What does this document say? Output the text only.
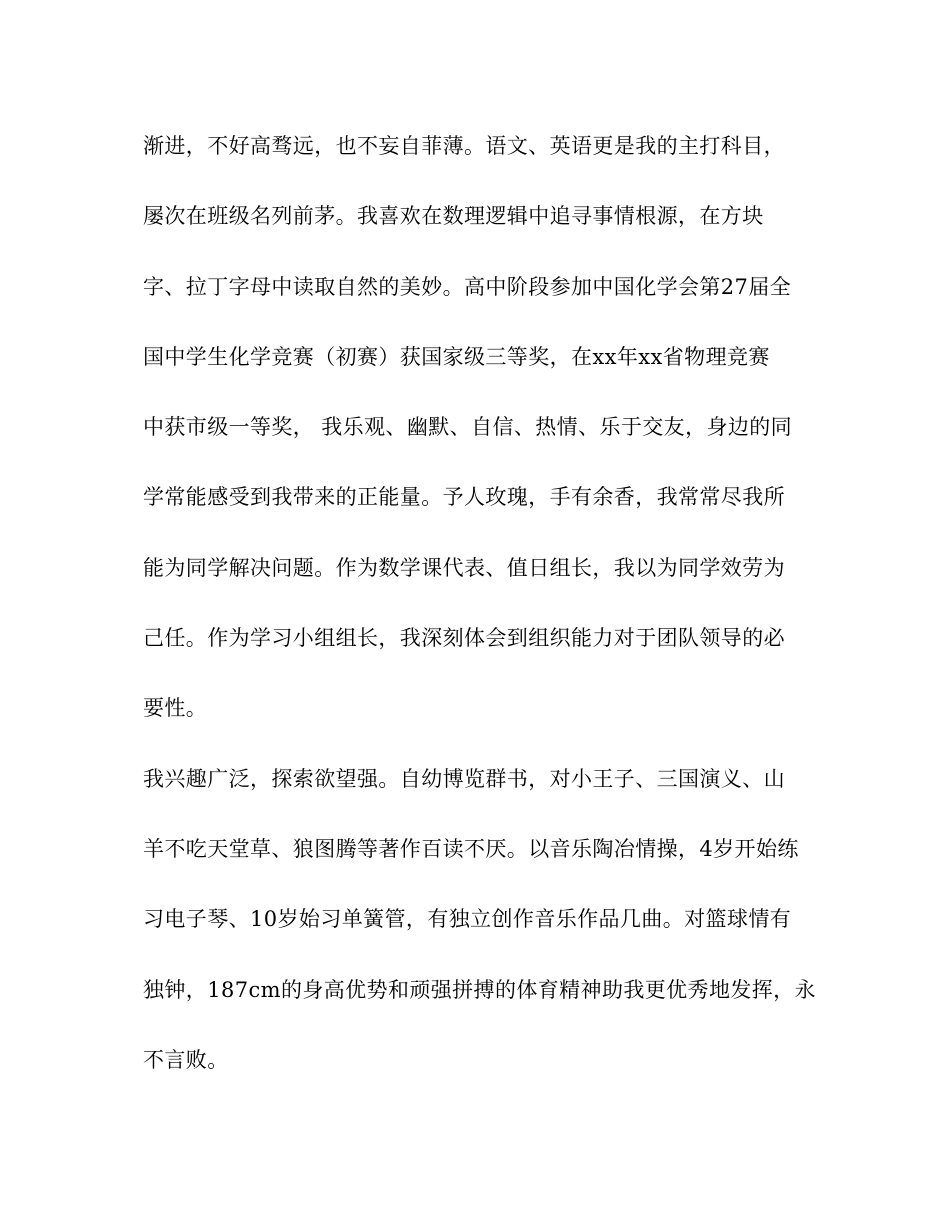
渐进，不好高骛远，也不妄自菲薄。语文、英语更是我的主打科目，
屡次在班级名列前茅。我喜欢在数理逻辑中追寻事情根源，在方块
字、拉丁字母中读取自然的美妙。高中阶段参加中国化学会第27届全
国中学生化学竞赛（初赛）获国家级三等奖，在xx年xx省物理竞赛
中获市级一等奖， 我乐观、幽默、自信、热情、乐于交友，身边的同
学常能感受到我带来的正能量。予人玫瑰，手有余香，我常常尽我所
能为同学解决问题。作为数学课代表、值日组长，我以为同学效劳为
己任。作为学习小组组长，我深刻体会到组织能力对于团队领导的必
要性。
我兴趣广泛，探索欲望强。自幼博览群书，对小王子、三国演义、山
羊不吃天堂草、狼图腾等著作百读不厌。以音乐陶冶情操，4岁开始练
习电子琴、10岁始习单簧管，有独立创作音乐作品几曲。对篮球情有
独钟，187cm的身高优势和顽强拼搏的体育精神助我更优秀地发挥，永
不言败。
